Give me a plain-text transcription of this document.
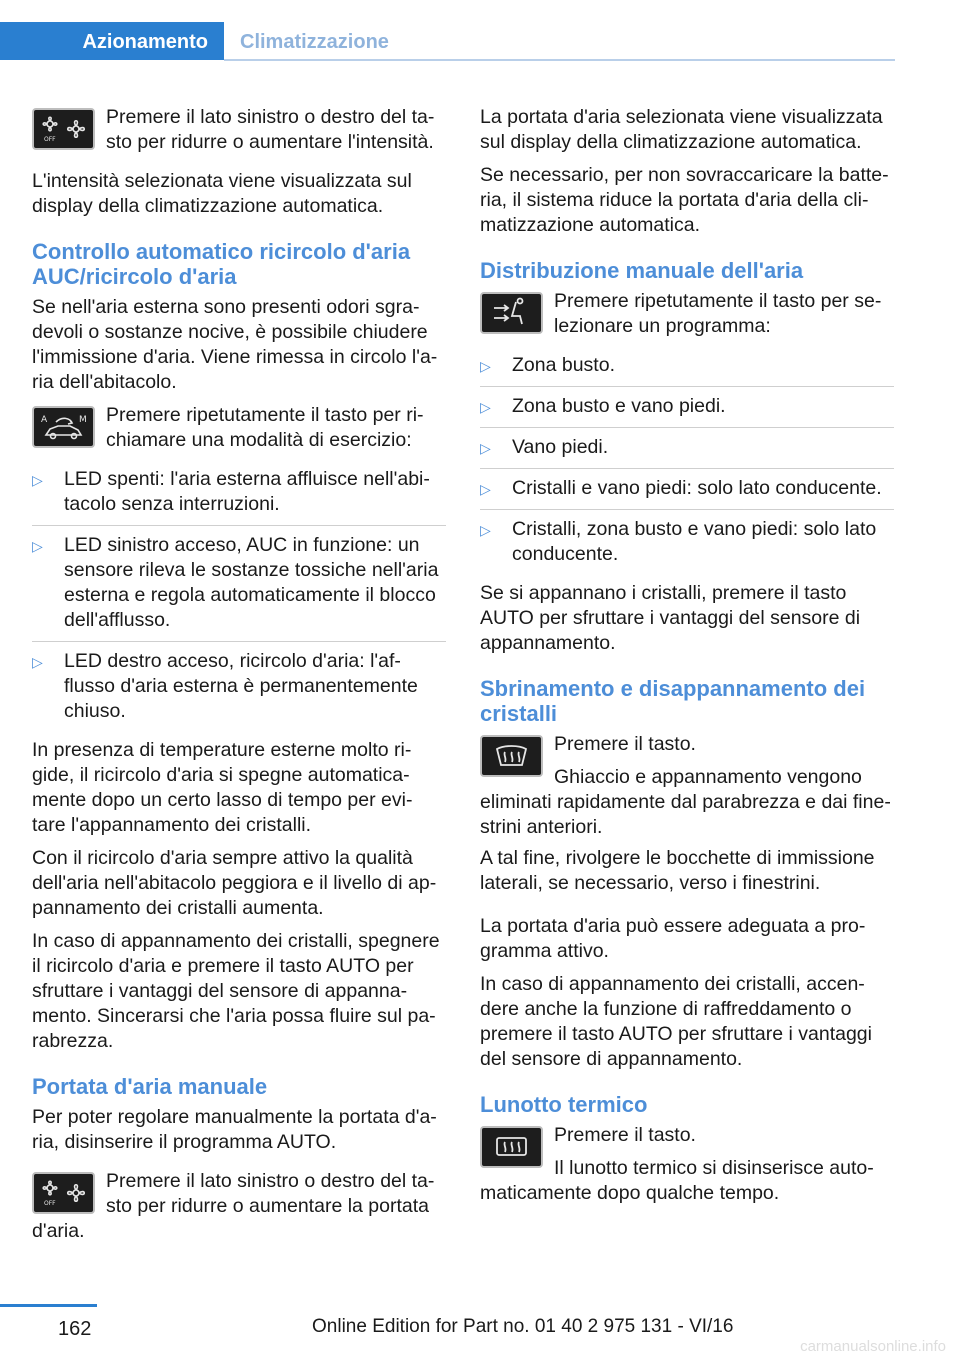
Azionamento	Climatizzazione
OFF
Premere il lato sinistro o destro del ta-sto per ridurre o aumentare l'intensità.

L'intensità selezionata viene visualizzata sul display della climatizzazione automatica.

Controllo automatico ricircolo d'aria AUC/ricircolo d'aria

Se nell'aria esterna sono presenti odori sgra-devoli o sostanze nocive, è possibile chiudere l'immissione d'aria. Viene rimessa in circolo l'a-ria dell'abitacolo.

A	M Premere ripetutamente il tasto per ri-chiamare una modalità di esercizio:
▷ LED spenti: l'aria esterna affluisce nell'abi-tacolo senza interruzioni.
▷ LED sinistro acceso, AUC in funzione: un sensore rileva le sostanze tossiche nell'aria esterna e regola automaticamente il blocco dell'afflusso.
▷ LED destro acceso, ricircolo d'aria: l'af-flusso d'aria esterna è permanentemente chiuso.

In presenza di temperature esterne molto ri-gide, il ricircolo d'aria si spegne automatica-mente dopo un certo lasso di tempo per evi-tare l'appannamento dei cristalli.

Con il ricircolo d'aria sempre attivo la qualità dell'aria nell'abitacolo peggiora e il livello di ap-pannamento dei cristalli aumenta.

In caso di appannamento dei cristalli, spegnere il ricircolo d'aria e premere il tasto AUTO per sfruttare i vantaggi del sensore di appanna-mento. Sincerarsi che l'aria possa fluire sul pa-rabrezza.

Portata d'aria manuale

Per poter regolare manualmente la portata d'a-ria, disinserire il programma AUTO.

OFF
Premere il lato sinistro o destro del ta-sto per ridurre o aumentare la portata d'aria.

La portata d'aria selezionata viene visualizzata sul display della climatizzazione automatica.

Se necessario, per non sovraccaricare la batte-ria, il sistema riduce la portata d'aria della cli-matizzazione automatica.

Distribuzione manuale dell'aria
Premere ripetutamente il tasto per se-lezionare un programma:
▷ Zona busto.
▷ Zona busto e vano piedi.
▷ Vano piedi.
▷ Cristalli e vano piedi: solo lato conducente.
▷ Cristalli, zona busto e vano piedi: solo lato conducente.

Se si appannano i cristalli, premere il tasto AUTO per sfruttare i vantaggi del sensore di appannamento.

Sbrinamento e disappannamento dei cristalli
Premere il tasto.
Ghiaccio e appannamento vengono eliminati rapidamente dal parabrezza e dai fine-strini anteriori.

A tal fine, rivolgere le bocchette di immissione laterali, se necessario, verso i finestrini.

La portata d'aria può essere adeguata a pro-gramma attivo.

In caso di appannamento dei cristalli, accen-dere anche la funzione di raffreddamento o premere il tasto AUTO per sfruttare i vantaggi del sensore di appannamento.

Lunotto termico
Premere il tasto.
Il lunotto termico si disinserisce auto-maticamente dopo qualche tempo.
162	Online Edition for Part no. 01 40 2 975 131 - VI/16
carmanualsonline.info
